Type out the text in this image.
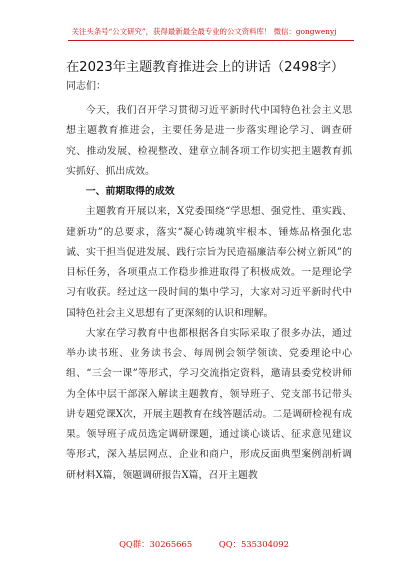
关注头条号“公文研究”，获得最新最全最专业的公文资料库！ 微信：gongwenyj
在2023年主题教育推进会上的讲话（2498字）
同志们：

今天，我们召开学习贯彻习近平新时代中国特色社会主义思想主题教育推进会，主要任务是进一步落实理论学习、调查研究、推动发展、检视整改、建章立制各项工作切实把主题教育抓实抓好、抓出成效。

一、前期取得的成效

主题教育开展以来，X党委围绕“学思想、强党性、重实践、建新功”的总要求，落实“凝心铸魂筑牢根本、锤炼品格强化忠诚、实干担当促进发展、践行宗旨为民造福廉洁奉公树立新风”的目标任务，各项重点工作稳步推进取得了积极成效。一是理论学习有收获。经过这一段时间的集中学习，大家对习近平新时代中国特色社会主义思想有了更深刻的认识和理解。

大家在学习教育中也都根据各自实际采取了很多办法，通过举办读书班、业务读书会、每周例会领学领读、党委理论中心组、“三会一课”等形式，学习交流指定资料，邀请县委党校讲师为全体中层干部深入解读主题教育，领导班子、党支部书记带头讲专题党课X次，开展主题教育在线答题活动。二是调研检视有成果。领导班子成员选定调研课题，通过谈心谈话、征求意见建议等形式，深入基层网点、企业和商户，形成反面典型案例剖析调研材料X篇，领题调研报告X篇，召开主题教

QQ群：30265665	QQ：535304092
